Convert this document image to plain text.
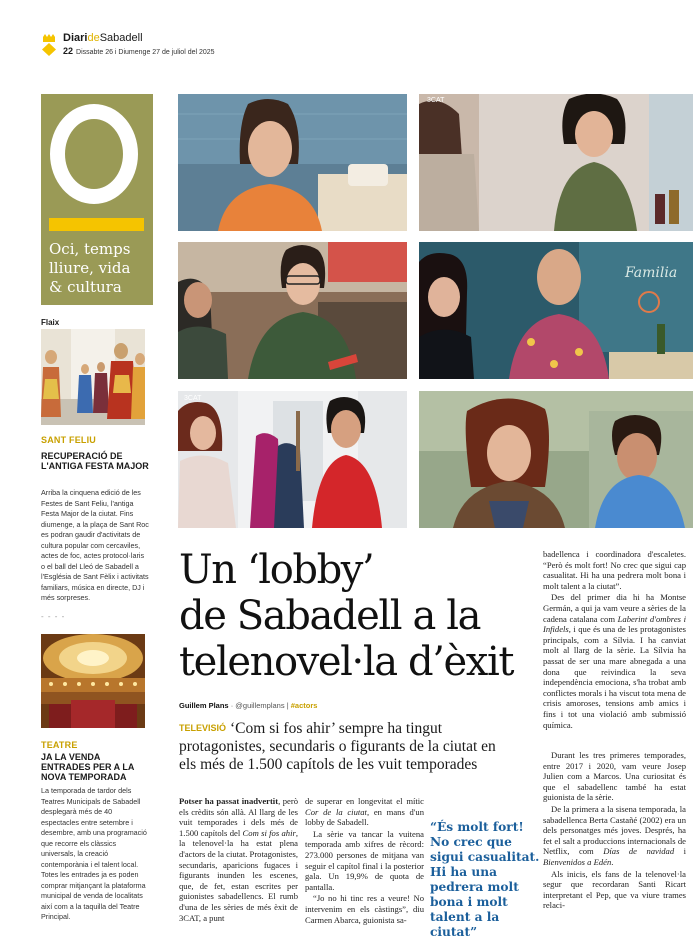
DiarideSabadell
22 Dissabte 26 i Diumenge 27 de juliol del 2025
Oci, temps
lliure, vida
& cultura
Flaix
SANT FELIU
RECUPERACIÓ DE L'ANTIGA FESTA MAJOR
Arriba la cinquena edició de les Festes de Sant Feliu, l'antiga Festa Major de la ciutat. Fins diumenge, a la plaça de Sant Roc es podran gaudir d'activitats de cultura popular com cercaviles, actes de foc, actes protocol·laris o el ball del Lleó de Sabadell a l'Església de Sant Fèlix i activitats familiars, música en directe, DJ i més sorpreses.
- - - -
TEATRE
JA LA VENDA ENTRADES PER A LA NOVA TEMPORADA
La temporada de tardor dels Teatres Municipals de Sabadell desplegarà més de 40 espectacles entre setembre i desembre, amb una programació que recorre els clàssics universals, la creació contemporània i el talent local. Totes les entrades ja es poden comprar mitjançant la plataforma municipal de venda de localitats així com a la taquilla del Teatre Principal.
3CAT
Familia
3CAT
Un ‘lobby’
de Sabadell a la
telenovel·la d’èxit
Guillem Plans · @guillemplans | #actors
TELEVISIÓ ‘Com si fos ahir’ sempre ha tingut protagonistes, secundaris o figurants de la ciutat en els més de 1.500 capítols de les vuit temporades

Potser ha passat inadvertit, però els crèdits són allà. Al llarg de les vuit temporades i dels més de 1.500 capítols del Com si fos ahir, la telenovel·la ha estat plena d'actors de la ciutat. Protagonistes, secundaris, aparicions fugaces i figurants inunden les escenes, que, de fet, estan escrites per guionistes sabadellencs. El rumb d'una de les sèries de més èxit de 3CAT, a punt

de superar en longevitat el mític Cor de la ciutat, en mans d'un lobby de Sabadell.

La sèrie va tancar la vuitena temporada amb xifres de rècord: 273.000 persones de mitjana van seguir el capítol final i la posterior gala. Un 19,9% de quota de pantalla.

“Jo no hi tinc res a veure! No intervenim en els càstings”, diu Carmen Abarca, guionista sa-

“És molt fort! No crec que sigui casualitat. Hi ha una pedrera molt bona i molt talent a la ciutat”

badellenca i coordinadora d'escaletes. “Però és molt fort! No crec que sigui cap casualitat. Hi ha una pedrera molt bona i molt talent a la ciutat”.

Des del primer dia hi ha Montse Germán, a qui ja vam veure a sèries de la cadena catalana com Laberint d'ombres i Infidels, i que és una de les protagonistes principals, com a Sílvia. I ha canviat molt al llarg de la sèrie. La Sílvia ha passat de ser una mare abnegada a una dona que reivindica la seva independència emociona, s'ha trobat amb conflictes morals i ha viscut tota mena de crisis amoroses, tensions amb amics i fins i tot una violació amb submissió química.

Durant les tres primeres temporades, entre 2017 i 2020, vam veure Josep Julien com a Marcos. Una curiositat és que el sabadellenc també ha estat guionista de la sèrie.

De la primera a la sisena temporada, la sabadellenca Berta Castañé (2002) era un dels personatges més joves. Després, ha fet el salt a produccions internacionals de Netflix, com Días de navidad i Bienvenidos a Edén.

Als inicis, els fans de la telenovel·la segur que recordaran Santi Ricart interpretant el Pep, que va viure trames relaci-
